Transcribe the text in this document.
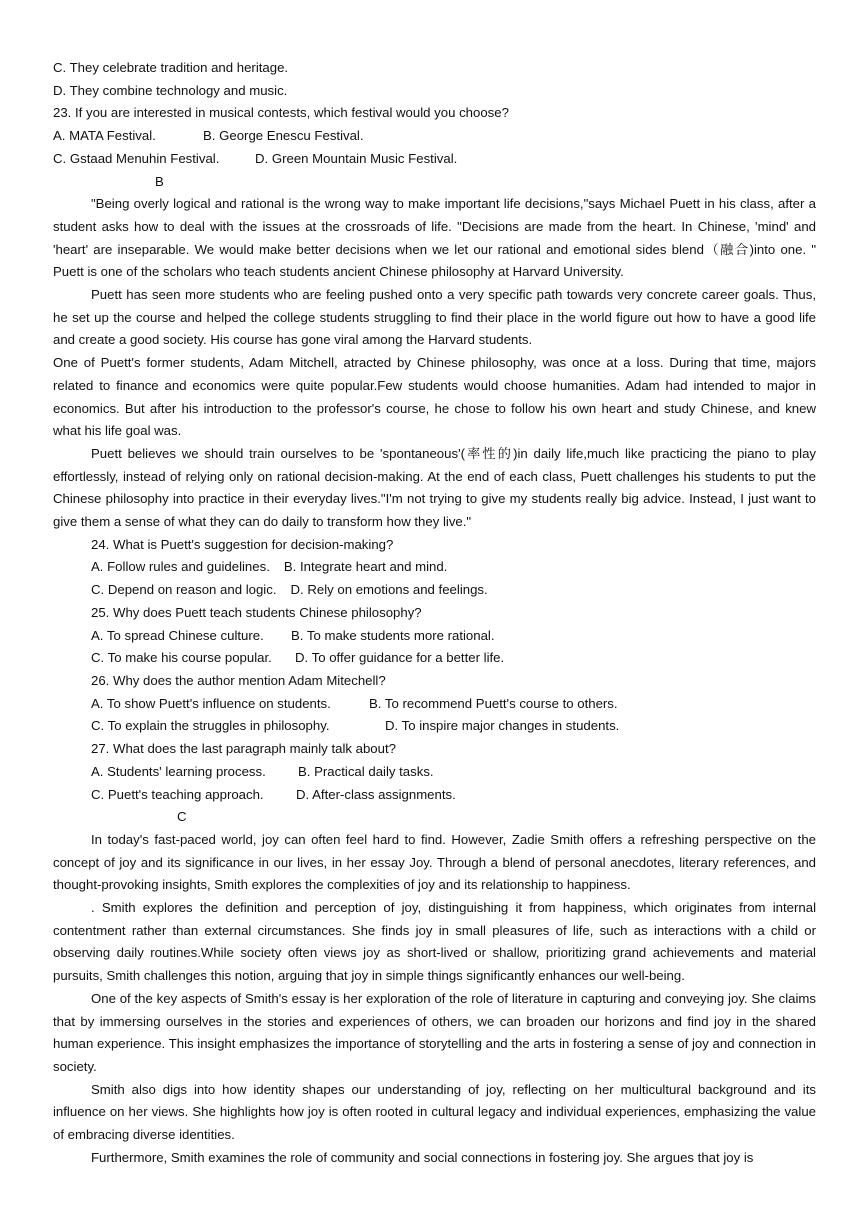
C. They celebrate tradition and heritage.
D. They combine technology and music.
23. If you are interested in musical contests, which festival would you choose?
A. MATA Festival.	B. George Enescu Festival.
C. Gstaad Menuhin Festival.	D. Green Mountain Music Festival.
B
"Being overly logical and rational is the wrong way to make important life decisions,"says Michael Puett in his class, after a student asks how to deal with the issues at the crossroads of life. "Decisions are made from the heart. In Chinese, 'mind' and 'heart' are inseparable. We would make better decisions when we let our rational and emotional sides blend（融合)into one. " Puett is one of the scholars who teach students ancient Chinese philosophy at Harvard University.
Puett has seen more students who are feeling pushed onto a very specific path towards very concrete career goals. Thus, he set up the course and helped the college students struggling to find their place in the world figure out how to have a good life and create a good society. His course has gone viral among the Harvard students.
One of Puett's former students, Adam Mitchell, atracted by Chinese philosophy, was once at a loss. During that time, majors related to finance and economics were quite popular.Few students would choose humanities. Adam had intended to major in economics. But after his introduction to the professor's course, he chose to follow his own heart and study Chinese, and knew what his life goal was.
Puett believes we should train ourselves to be 'spontaneous'(率性的)in daily life,much like practicing the piano to play effortlessly, instead of relying only on rational decision-making. At the end of each class, Puett challenges his students to put the Chinese philosophy into practice in their everyday lives."I'm not trying to give my students really big advice. Instead, I just want to give them a sense of what they can do daily to transform how they live."
24. What is Puett's suggestion for decision-making?
A. Follow rules and guidelines. B. Integrate heart and mind.
C. Depend on reason and logic. D. Rely on emotions and feelings.
25. Why does Puett teach students Chinese philosophy?
A. To spread Chinese culture. B. To make students more rational.
C. To make his course popular. D. To offer guidance for a better life.
26. Why does the author mention Adam Mitechell?
A. To show Puett's influence on students.	B. To recommend Puett's course to others.
C. To explain the struggles in philosophy.	D. To inspire major changes in students.
27. What does the last paragraph mainly talk about?
A. Students' learning process. B. Practical daily tasks.
C. Puett's teaching approach. D. After-class assignments.
C
In today's fast-paced world, joy can often feel hard to find. However, Zadie Smith offers a refreshing perspective on the concept of joy and its significance in our lives, in her essay Joy. Through a blend of personal anecdotes, literary references, and thought-provoking insights, Smith explores the complexities of joy and its relationship to happiness.
. Smith explores the definition and perception of joy, distinguishing it from happiness, which originates from internal contentment rather than external circumstances. She finds joy in small pleasures of life, such as interactions with a child or observing daily routines.While society often views joy as short-lived or shallow, prioritizing grand achievements and material pursuits, Smith challenges this notion, arguing that joy in simple things significantly enhances our well-being.
One of the key aspects of Smith's essay is her exploration of the role of literature in capturing and conveying joy. She claims that by immersing ourselves in the stories and experiences of others, we can broaden our horizons and find joy in the shared human experience. This insight emphasizes the importance of storytelling and the arts in fostering a sense of joy and connection in society.
Smith also digs into how identity shapes our understanding of joy, reflecting on her multicultural background and its influence on her views. She highlights how joy is often rooted in cultural legacy and individual experiences, emphasizing the value of embracing diverse identities.
Furthermore, Smith examines the role of community and social connections in fostering joy. She argues that joy is
